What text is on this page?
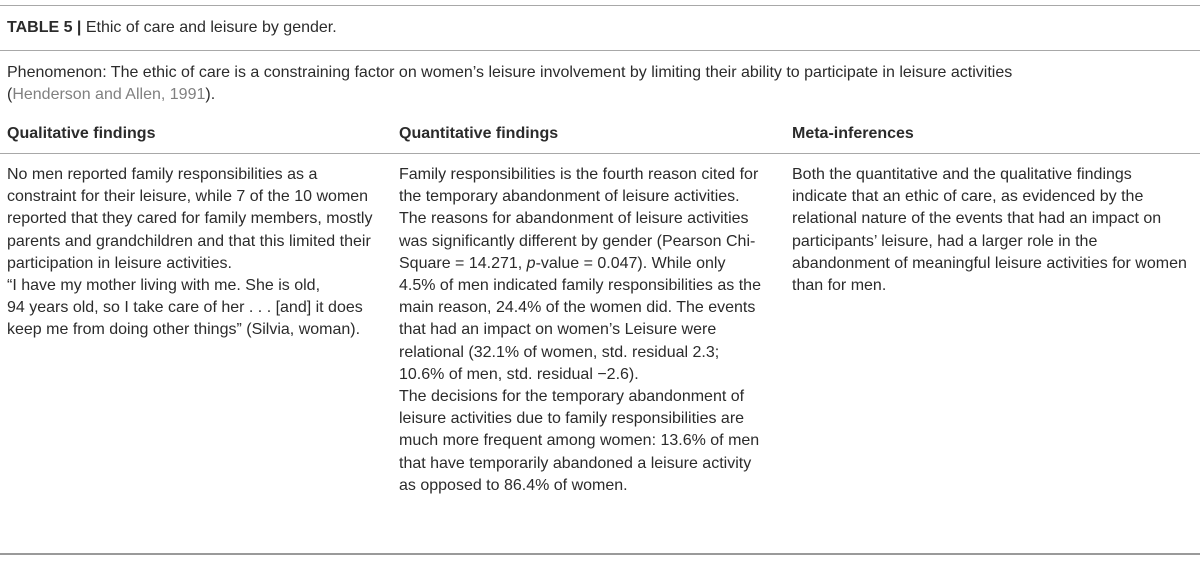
TABLE 5 | Ethic of care and leisure by gender.
Phenomenon: The ethic of care is a constraining factor on women’s leisure involvement by limiting their ability to participate in leisure activities
(Henderson and Allen, 1991).
Qualitative findings	Quantitative findings	Meta-inferences
No men reported family responsibilities as a
constraint for their leisure, while 7 of the 10 women
reported that they cared for family members, mostly
parents and grandchildren and that this limited their
participation in leisure activities.
“I have my mother living with me. She is old,
94 years old, so I take care of her . . . [and] it does
keep me from doing other things” (Silvia, woman).
Family responsibilities is the fourth reason cited for
the temporary abandonment of leisure activities.
The reasons for abandonment of leisure activities
was significantly different by gender (Pearson Chi-
Square = 14.271, p-value = 0.047). While only
4.5% of men indicated family responsibilities as the
main reason, 24.4% of the women did. The events
that had an impact on women’s Leisure were
relational (32.1% of women, std. residual 2.3;
10.6% of men, std. residual −2.6).
The decisions for the temporary abandonment of
leisure activities due to family responsibilities are
much more frequent among women: 13.6% of men
that have temporarily abandoned a leisure activity
as opposed to 86.4% of women.
Both the quantitative and the qualitative findings
indicate that an ethic of care, as evidenced by the
relational nature of the events that had an impact on
participants’ leisure, had a larger role in the
abandonment of meaningful leisure activities for women
than for men.
